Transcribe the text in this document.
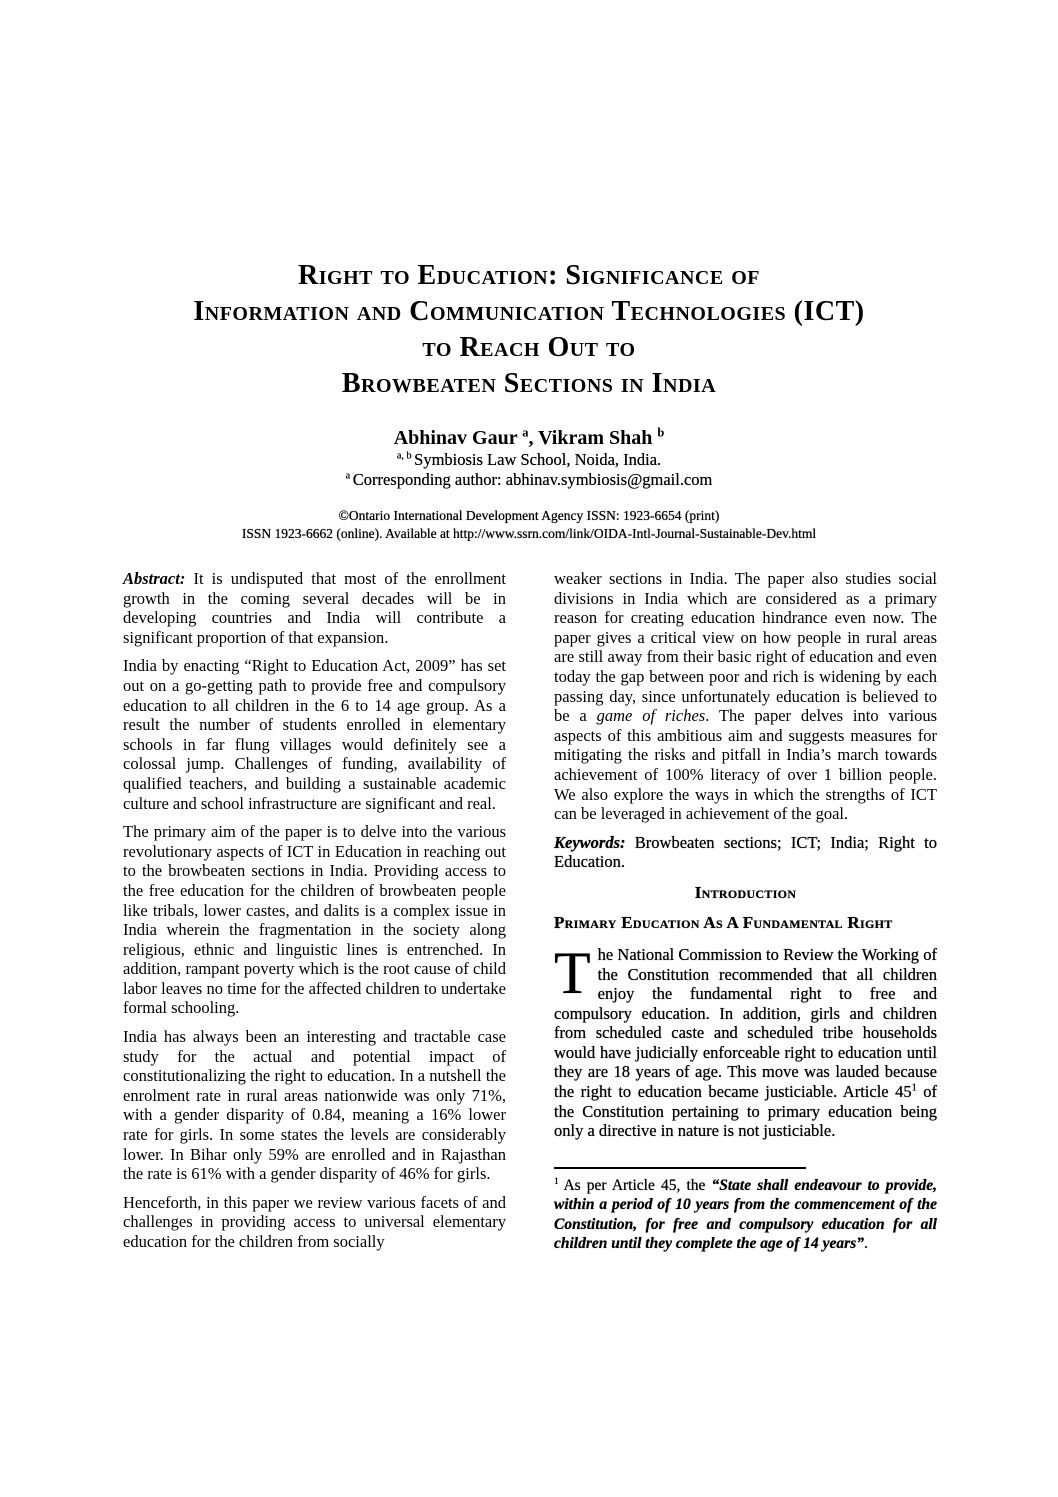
Right to Education: Significance of
Information and Communication Technologies (ICT)
to Reach Out to
Browbeaten Sections in India
Abhinav Gaur $^a$, Vikram Shah $^b$
$^{a, b}$ Symbiosis Law School, Noida, India.
$^a$ Corresponding author: abhinav.symbiosis@gmail.com
©Ontario International Development Agency ISSN: 1923-6654 (print)
ISSN 1923-6662 (online). Available at http://www.ssrn.com/link/OIDA-Intl-Journal-Sustainable-Dev.html

Abstract: It is undisputed that most of the enrollment growth in the coming several decades will be in developing countries and India will contribute a significant proportion of that expansion.

India by enacting “Right to Education Act, 2009” has set out on a go-getting path to provide free and compulsory education to all children in the 6 to 14 age group. As a result the number of students enrolled in elementary schools in far flung villages would definitely see a colossal jump. Challenges of funding, availability of qualified teachers, and building a sustainable academic culture and school infrastructure are significant and real.

The primary aim of the paper is to delve into the various revolutionary aspects of ICT in Education in reaching out to the browbeaten sections in India. Providing access to the free education for the children of browbeaten people like tribals, lower castes, and dalits is a complex issue in India wherein the fragmentation in the society along religious, ethnic and linguistic lines is entrenched. In addition, rampant poverty which is the root cause of child labor leaves no time for the affected children to undertake formal schooling.

India has always been an interesting and tractable case study for the actual and potential impact of constitutionalizing the right to education. In a nutshell the enrolment rate in rural areas nationwide was only 71%, with a gender disparity of 0.84, meaning a 16% lower rate for girls. In some states the levels are considerably lower. In Bihar only 59% are enrolled and in Rajasthan the rate is 61% with a gender disparity of 46% for girls.

Henceforth, in this paper we review various facets of and challenges in providing access to universal elementary education for the children from socially

weaker sections in India. The paper also studies social divisions in India which are considered as a primary reason for creating education hindrance even now. The paper gives a critical view on how people in rural areas are still away from their basic right of education and even today the gap between poor and rich is widening by each passing day, since unfortunately education is believed to be a game of riches. The paper delves into various aspects of this ambitious aim and suggests measures for mitigating the risks and pitfall in India’s march towards achievement of 100% literacy of over 1 billion people. We also explore the ways in which the strengths of ICT can be leveraged in achievement of the goal.

Keywords: Browbeaten sections; ICT; India; Right to Education.

Introduction
Primary Education As A Fundamental Right

The National Commission to Review the Working of the Constitution recommended that all children enjoy the fundamental right to free and compulsory education. In addition, girls and children from scheduled caste and scheduled tribe households would have judicially enforceable right to education until they are 18 years of age. This move was lauded because the right to education became justiciable. Article $45^1$ of the Constitution pertaining to primary education being only a directive in nature is not justiciable.

$^1$ As per Article 45, the “State shall endeavour to provide, within a period of 10 years from the commencement of the Constitution, for free and compulsory education for all children until they complete the age of 14 years”.
